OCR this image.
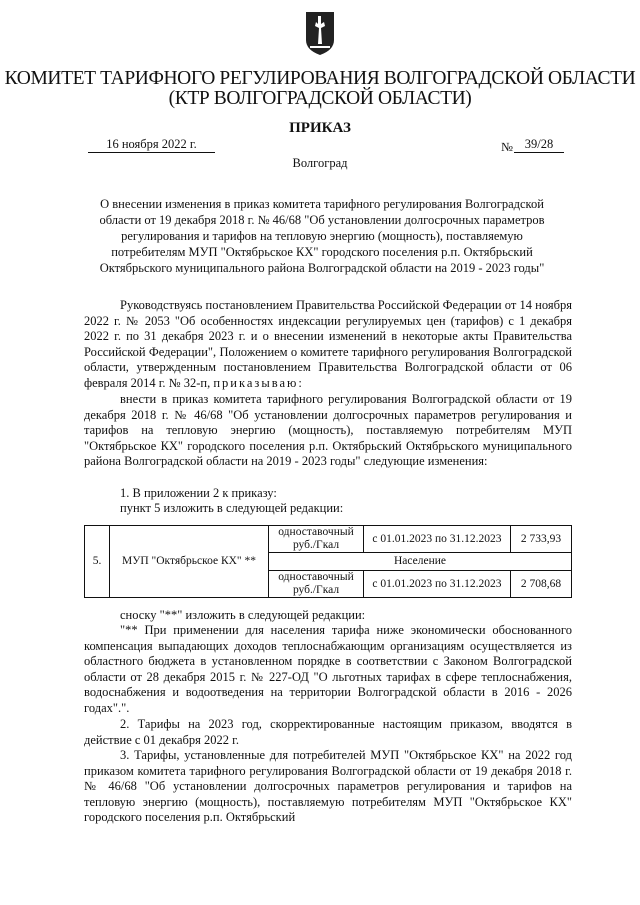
КОМИТЕТ ТАРИФНОГО РЕГУЛИРОВАНИЯ ВОЛГОГРАДСКОЙ ОБЛАСТИ
(КТР ВОЛГОГРАДСКОЙ ОБЛАСТИ)
ПРИКАЗ
16 ноября 2022 г.	№ 39/28
Волгоград
О внесении изменения в приказ комитета тарифного регулирования Волгоградской
области от 19 декабря 2018 г. № 46/68 "Об установлении долгосрочных параметров
регулирования и тарифов на тепловую энергию (мощность), поставляемую
потребителям МУП "Октябрьское КХ" городского поселения р.п. Октябрьский
Октябрьского муниципального района Волгоградской области на 2019 - 2023 годы"
Руководствуясь постановлением Правительства Российской Федерации от 14 ноября 2022 г. № 2053 "Об особенностях индексации регулируемых цен (тарифов) с 1 декабря 2022 г. по 31 декабря 2023 г. и о внесении изменений в некоторые акты Правительства Российской Федерации", Положением о комитете тарифного регулирования Волгоградской области, утвержденным постановлением Правительства Волгоградской области от 06 февраля 2014 г. № 32-п, приказываю:
внести в приказ комитета тарифного регулирования Волгоградской области от 19 декабря 2018 г. № 46/68 "Об установлении долгосрочных параметров регулирования и тарифов на тепловую энергию (мощность), поставляемую потребителям МУП "Октябрьское КХ" городского поселения р.п. Октябрьский Октябрьского муниципального района Волгоградской области на 2019 - 2023 годы" следующие изменения:
1. В приложении 2 к приказу:
пункт 5 изложить в следующей редакции:
5.	МУП "Октябрьское КХ" **	одноставочный руб./Гкал	с 01.01.2023 по 31.12.2023	2 733,93
		Население		
		одноставочный руб./Гкал	с 01.01.2023 по 31.12.2023	2 708,68
сноску "**" изложить в следующей редакции:
"** При применении для населения тарифа ниже экономически обоснованного компенсация выпадающих доходов теплоснабжающим организациям осуществляется из областного бюджета в установленном порядке в соответствии с Законом Волгоградской области от 28 декабря 2015 г. № 227-ОД "О льготных тарифах в сфере теплоснабжения, водоснабжения и водоотведения на территории Волгоградской области в 2016 - 2026 годах".".
2. Тарифы на 2023 год, скорректированные настоящим приказом, вводятся в действие с 01 декабря 2022 г.
3. Тарифы, установленные для потребителей МУП "Октябрьское КХ" на 2022 год приказом комитета тарифного регулирования Волгоградской области от 19 декабря 2018 г. № 46/68 "Об установлении долгосрочных параметров регулирования и тарифов на тепловую энергию (мощность), поставляемую потребителям МУП "Октябрьское КХ" городского поселения р.п. Октябрьский
